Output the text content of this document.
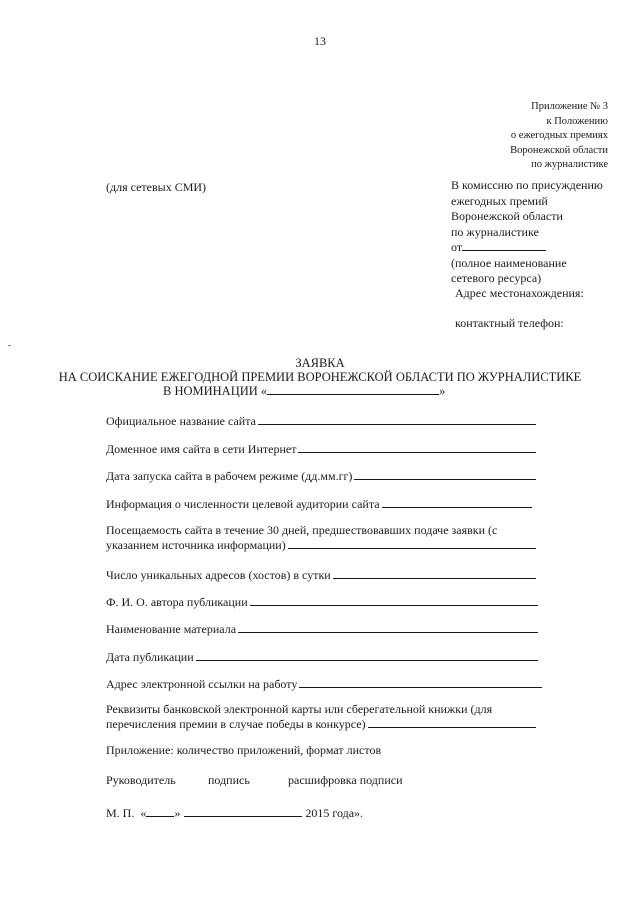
13
Приложение № 3
к Положению
о ежегодных премиях
Воронежской области
по журналистике
(для сетевых СМИ)	В комиссию по присуждению
ежегодных премий
Воронежской области
по журналистике
от
(полное наименование
сетевого ресурса)
Адрес местонахождения:
контактный телефон:
ЗАЯВКА
НА СОИСКАНИЕ ЕЖЕГОДНОЙ ПРЕМИИ ВОРОНЕЖСКОЙ ОБЛАСТИ ПО ЖУРНАЛИСТИКЕ
В НОМИНАЦИИ «	»
Официальное название сайта
Доменное имя сайта в сети Интернет
Дата запуска сайта в рабочем режиме (дд.мм.гг)
Информация о численности целевой аудитории сайта
Посещаемость сайта в течение 30 дней, предшествовавших подаче заявки (с
указанием источника информации)
Число уникальных адресов (хостов) в сутки
Ф. И. О. автора публикации
Наименование материала
Дата публикации
Адрес электронной ссылки на работу
Реквизиты банковской электронной карты или сберегательной книжки (для
перечисления премии в случае победы в конкурсе)
Приложение: количество приложений, формат листов
Руководитель	подпись	расшифровка подписи
М. П. « »	2015 года».
